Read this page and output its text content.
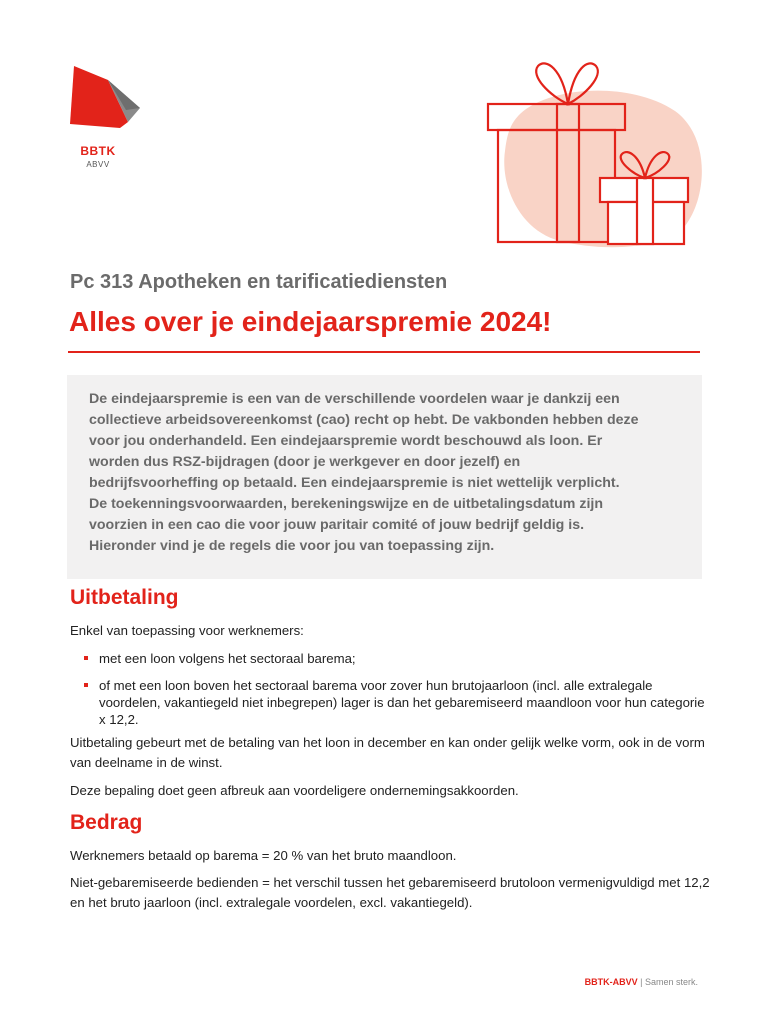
BBTK
ABVV
Pc 313 Apotheken en tarificatiediensten
Alles over je eindejaarspremie 2024!

De eindejaarspremie is een van de verschillende voordelen waar je dankzij een
collectieve arbeidsovereenkomst (cao) recht op hebt. De vakbonden hebben deze
voor jou onderhandeld. Een eindejaarspremie wordt beschouwd als loon. Er
worden dus RSZ-bijdragen (door je werkgever en door jezelf) en
bedrijfsvoorheffing op betaald. Een eindejaarspremie is niet wettelijk verplicht.
De toekenningsvoorwaarden, berekeningswijze en de uitbetalingsdatum zijn
voorzien in een cao die voor jouw paritair comité of jouw bedrijf geldig is.
Hieronder vind je de regels die voor jou van toepassing zijn.

Uitbetaling

Enkel van toepassing voor werknemers:

met een loon volgens het sectoraal barema;
of met een loon boven het sectoraal barema voor zover hun brutojaarloon (incl. alle extralegale voordelen, vakantiegeld niet inbegrepen) lager is dan het gebaremiseerd maandloon voor hun categorie x 12,2.

Uitbetaling gebeurt met de betaling van het loon in december en kan onder gelijk welke vorm, ook in de vorm van deelname in de winst.

Deze bepaling doet geen afbreuk aan voordeligere ondernemingsakkoorden.

Bedrag

Werknemers betaald op barema = 20 % van het bruto maandloon.

Niet-gebaremiseerde bedienden = het verschil tussen het gebaremiseerd brutoloon vermenigvuldigd met 12,2 en het bruto jaarloon (incl. extralegale voordelen, excl. vakantiegeld).

BBTK-ABVV | Samen sterk.
